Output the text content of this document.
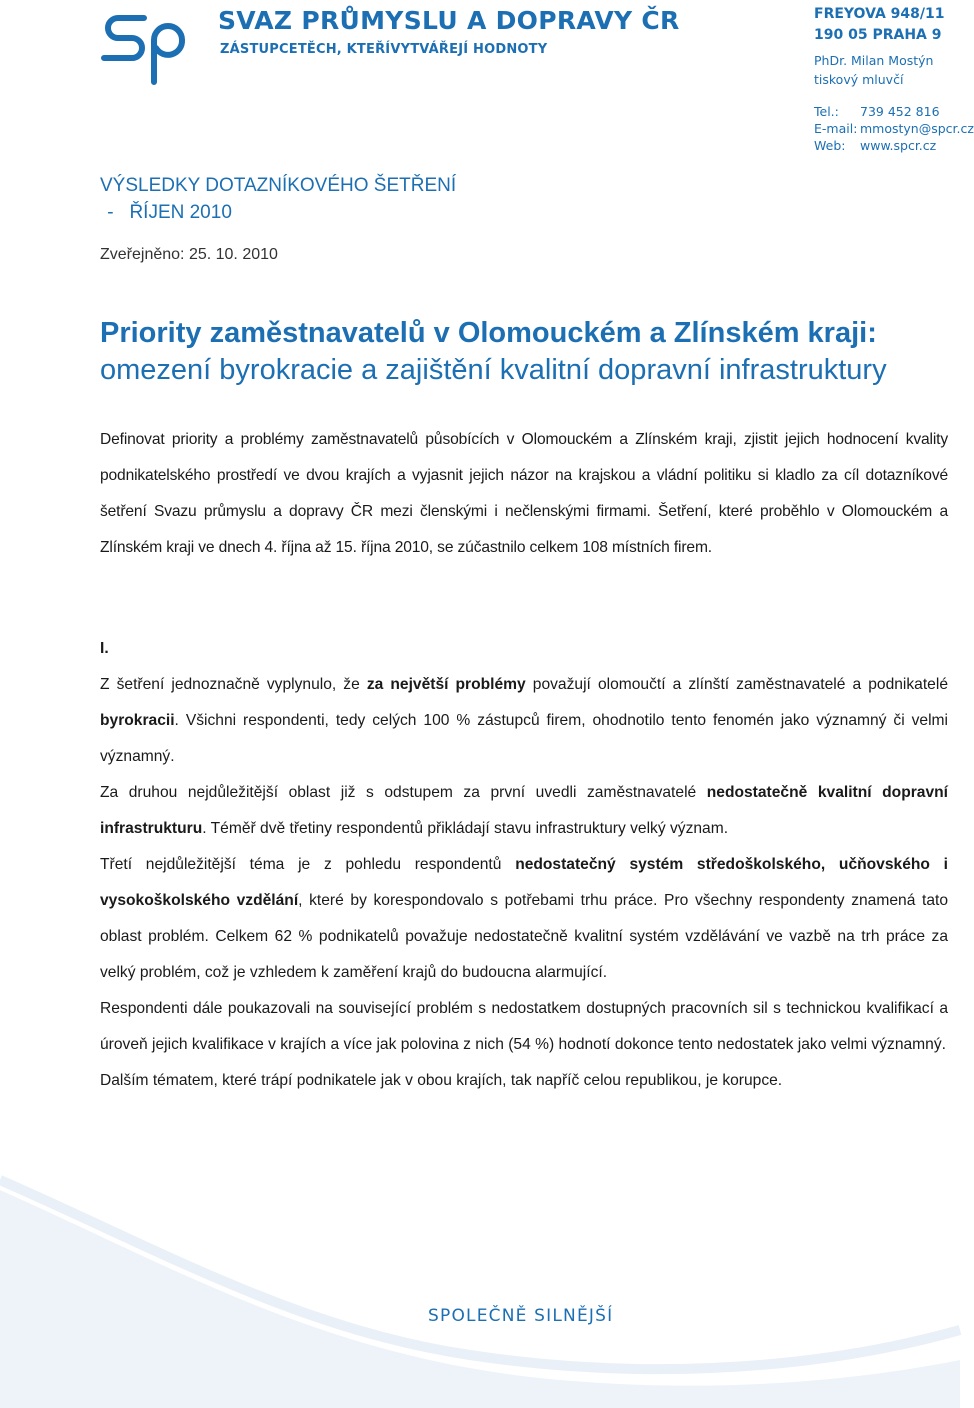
SVAZ PRŮMYSLU A DOPRAVY ČR
ZÁSTUPCETĚCH, KTEŘÍVYTVÁŘEJÍ HODNOTY
FREYOVA 948/11
190 05 PRAHA 9
PhDr. Milan Mostýn
tiskový mluvčí
Tel.:	739 452 816
E-mail: mmostyn@spcr.cz
Web:	www.spcr.cz
VÝSLEDKY DOTAZNÍKOVÉHO ŠETŘENÍ
-   ŘÍJEN 2010
Zveřejněno: 25. 10. 2010
Priority zaměstnavatelů v Olomouckém a Zlínském kraji:
omezení byrokracie a zajištění kvalitní dopravní infrastruktury

Definovat priority a problémy zaměstnavatelů působících v Olomouckém a Zlínském kraji, zjistit jejich hodnocení kvality podnikatelského prostředí ve dvou krajích a vyjasnit jejich názor na krajskou a vládní politiku si kladlo za cíl dotazníkové šetření Svazu průmyslu a dopravy ČR mezi členskými i nečlenskými firmami. Šetření, které proběhlo v Olomouckém a Zlínském kraji ve dnech 4. října až 15. října 2010, se zúčastnilo celkem 108 místních firem.

I.

Z šetření jednoznačně vyplynulo, že za největší problémy považují olomoučtí a zlínští zaměstnavatelé a podnikatelé byrokracii. Všichni respondenti, tedy celých 100 % zástupců firem, ohodnotilo tento fenomén jako významný či velmi významný.

Za druhou nejdůležitější oblast již s odstupem za první uvedli zaměstnavatelé nedostatečně kvalitní dopravní infrastrukturu. Téměř dvě třetiny respondentů přikládají stavu infrastruktury velký význam.

Třetí nejdůležitější téma je z pohledu respondentů nedostatečný systém středoškolského, učňovského i vysokoškolského vzdělání, které by korespondovalo s potřebami trhu práce. Pro všechny respondenty znamená tato oblast problém. Celkem 62 % podnikatelů považuje nedostatečně kvalitní systém vzdělávání ve vazbě na trh práce za velký problém, což je vzhledem k zaměření krajů do budoucna alarmující.

Respondenti dále poukazovali na související problém s nedostatkem dostupných pracovních sil s technickou kvalifikací a úroveň jejich kvalifikace v krajích a více jak polovina z nich (54 %) hodnotí dokonce tento nedostatek jako velmi významný.

Dalším tématem, které trápí podnikatele jak v obou krajích, tak napříč celou republikou, je korupce.

SPOLEČNĚ SILNĚJŠÍ
